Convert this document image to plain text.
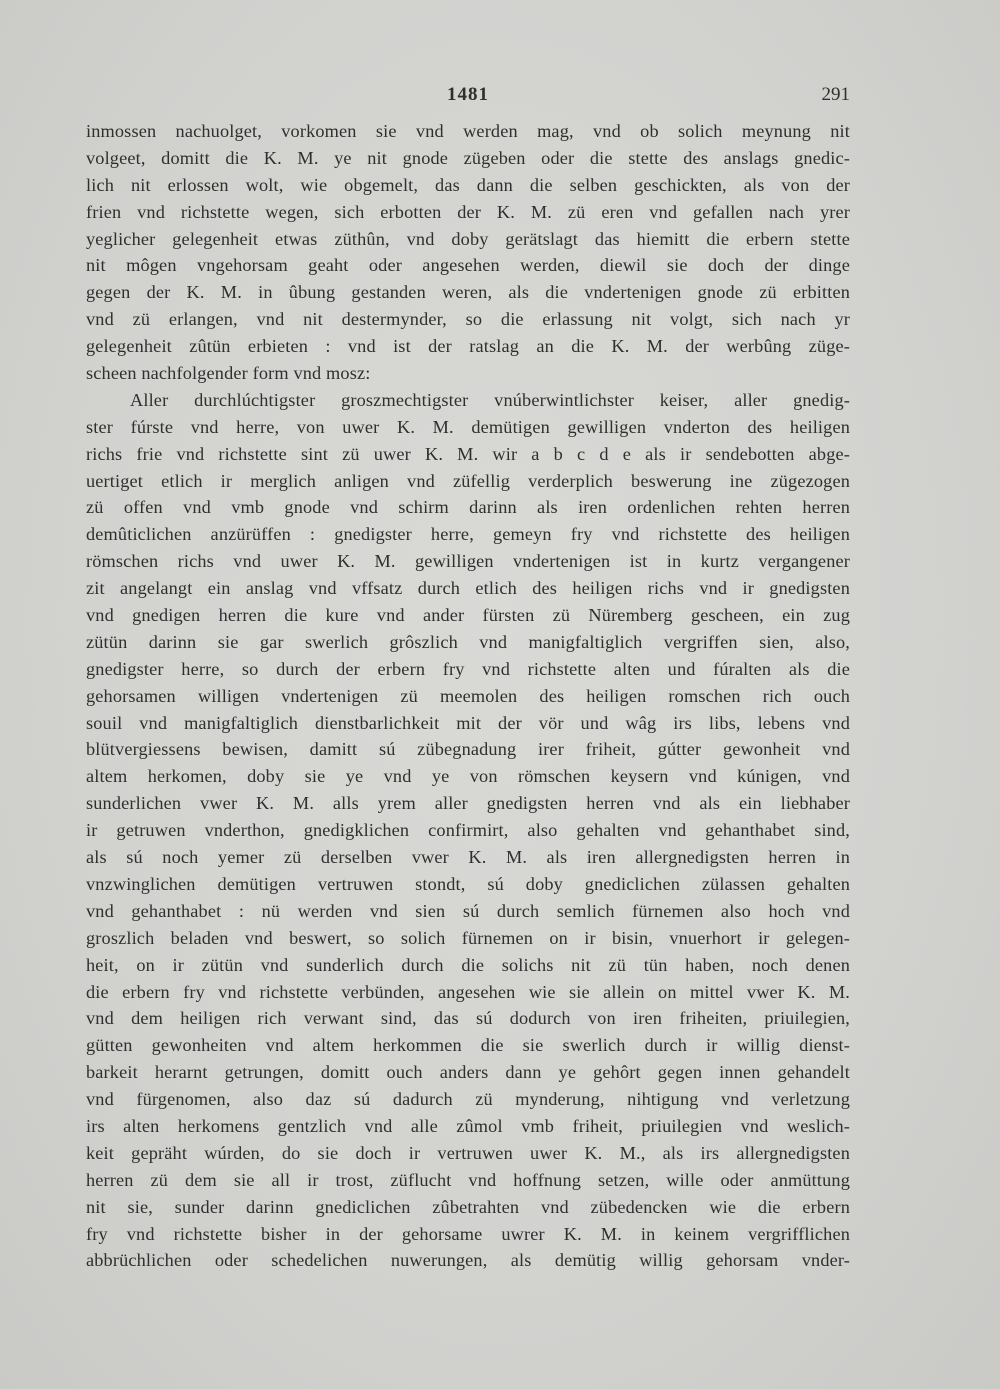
1481	291
inmossen nachuolget, vorkomen sie vnd werden mag, vnd ob solich meynung nit
volgeet, domitt die K. M. ye nit gnode zügeben oder die stette des anslags gnedic-
lich nit erlossen wolt, wie obgemelt, das dann die selben geschickten, als von der
frien vnd richstette wegen, sich erbotten der K. M. zü eren vnd gefallen nach yrer
yeglicher gelegenheit etwas züthûn, vnd doby gerätslagt das hiemitt die erbern stette
nit môgen vngehorsam geaht oder angesehen werden, diewil sie doch der dinge
gegen der K. M. in ûbung gestanden weren, als die vndertenigen gnode zü erbitten
vnd zü erlangen, vnd nit destermynder, so die erlassung nit volgt, sich nach yr
gelegenheit zûtün erbieten : vnd ist der ratslag an die K. M. der werbûng züge-
scheen nachfolgender form vnd mosz:
Aller durchlúchtigster groszmechtigster vnúberwintlichster keiser, aller gnedig-
ster fúrste vnd herre, von uwer K. M. demütigen gewilligen vnderton des heiligen
richs frie vnd richstette sint zü uwer K. M. wir a b c d e als ir sendebotten abge-
uertiget etlich ir merglich anligen vnd züfellig verderplich beswerung ine zügezogen
zü offen vnd vmb gnode vnd schirm darinn als iren ordenlichen rehten herren
demûticlichen anzürüffen : gnedigster herre, gemeyn fry vnd richstette des heiligen
römschen richs vnd uwer K. M. gewilligen vndertenigen ist in kurtz vergangener
zit angelangt ein anslag vnd vffsatz durch etlich des heiligen richs vnd ir gnedigsten
vnd gnedigen herren die kure vnd ander fürsten zü Nüremberg gescheen, ein zug
zütün darinn sie gar swerlich grôszlich vnd manigfaltiglich vergriffen sien, also,
gnedigster herre, so durch der erbern fry vnd richstette alten und fúralten als die
gehorsamen willigen vndertenigen zü meemolen des heiligen romschen rich ouch
souil vnd manigfaltiglich dienstbarlichkeit mit der vör und wâg irs libs, lebens vnd
blütvergiessens bewisen, damitt sú zübegnadung irer friheit, gútter gewonheit vnd
altem herkomen, doby sie ye vnd ye von römschen keysern vnd kúnigen, vnd
sunderlichen vwer K. M. alls yrem aller gnedigsten herren vnd als ein liebhaber
ir getruwen vnderthon, gnedigklichen confirmirt, also gehalten vnd gehanthabet sind,
als sú noch yemer zü derselben vwer K. M. als iren allergnedigsten herren in
vnzwinglichen demütigen vertruwen stondt, sú doby gnediclichen zülassen gehalten
vnd gehanthabet : nü werden vnd sien sú durch semlich fürnemen also hoch vnd
groszlich beladen vnd beswert, so solich fürnemen on ir bisin, vnuerhort ir gelegen-
heit, on ir zütün vnd sunderlich durch die solichs nit zü tün haben, noch denen
die erbern fry vnd richstette verbünden, angesehen wie sie allein on mittel vwer K. M.
vnd dem heiligen rich verwant sind, das sú dodurch von iren friheiten, priuilegien,
gütten gewonheiten vnd altem herkommen die sie swerlich durch ir willig dienst-
barkeit herarnt getrungen, domitt ouch anders dann ye gehôrt gegen innen gehandelt
vnd fürgenomen, also daz sú dadurch zü mynderung, nihtigung vnd verletzung
irs alten herkomens gentzlich vnd alle zûmol vmb friheit, priuilegien vnd weslich-
keit gepräht wúrden, do sie doch ir vertruwen uwer K. M., als irs allergnedigsten
herren zü dem sie all ir trost, züflucht vnd hoffnung setzen, wille oder anmüttung
nit sie, sunder darinn gnediclichen zûbetrahten vnd zübedencken wie die erbern
fry vnd richstette bisher in der gehorsame uwrer K. M. in keinem vergrifflichen
abbrüchlichen oder schedelichen nuwerungen, als demütig willig gehorsam vnder-
